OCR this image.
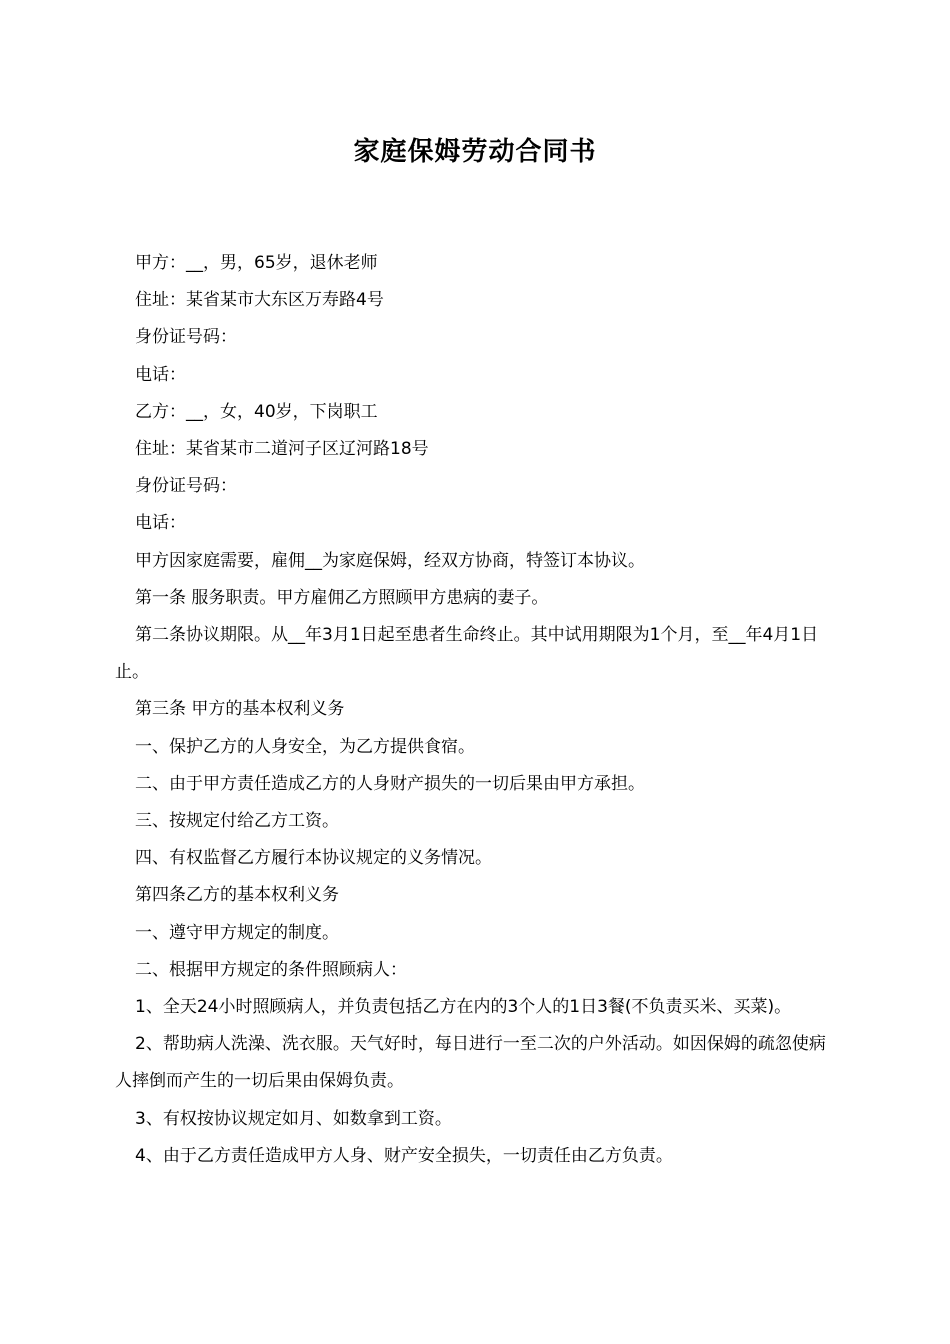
家庭保姆劳动合同书

甲方：__，男，65岁，退休老师

住址：某省某市大东区万寿路4号

身份证号码：

电话：

乙方：__，女，40岁，下岗职工

住址：某省某市二道河子区辽河路18号

身份证号码：

电话：

甲方因家庭需要，雇佣__为家庭保姆，经双方协商，特签订本协议。

第一条 服务职责。甲方雇佣乙方照顾甲方患病的妻子。

第二条协议期限。从__年3月1日起至患者生命终止。其中试用期限为1个月，至__年4月1日止。

第三条 甲方的基本权利义务

一、保护乙方的人身安全，为乙方提供食宿。

二、由于甲方责任造成乙方的人身财产损失的一切后果由甲方承担。

三、按规定付给乙方工资。

四、有权监督乙方履行本协议规定的义务情况。

第四条乙方的基本权利义务

一、遵守甲方规定的制度。

二、根据甲方规定的条件照顾病人：

1、全天24小时照顾病人，并负责包括乙方在内的3个人的1日3餐(不负责买米、买菜)。

2、帮助病人洗澡、洗衣服。天气好时，每日进行一至二次的户外活动。如因保姆的疏忽使病人摔倒而产生的一切后果由保姆负责。

3、有权按协议规定如月、如数拿到工资。

4、由于乙方责任造成甲方人身、财产安全损失，一切责任由乙方负责。
